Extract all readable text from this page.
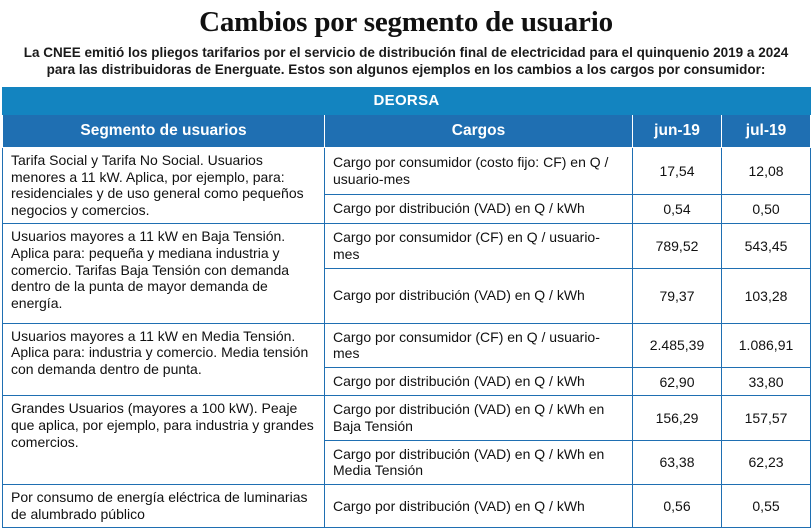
Cambios por segmento de usuario
La CNEE emitió los pliegos tarifarios por el servicio de distribución final de electricidad para el quinquenio 2019 a 2024 para las distribuidoras de Energuate. Estos son algunos ejemplos en los cambios a los cargos por consumidor:
DEORSA			
Segmento de usuarios	Cargos	jun-19	jul-19
Tarifa Social y Tarifa No Social. Usuarios menores a 11 kW. Aplica, por ejemplo, para: residenciales y de uso general como pequeños negocios y comercios.	Cargo por consumidor (costo fijo: CF) en Q / usuario-mes	17,54	12,08
	Cargo por distribución (VAD) en Q / kWh	0,54	0,50
Usuarios mayores a 11 kW en Baja Tensión. Aplica para: pequeña y mediana industria y comercio. Tarifas Baja Tensión con demanda dentro de la punta de mayor demanda de energía.	Cargo por consumidor (CF) en Q / usuario-mes	789,52	543,45
	Cargo por distribución (VAD) en Q / kWh	79,37	103,28
Usuarios mayores a 11 kW en Media Tensión. Aplica para: industria y comercio. Media tensión con demanda dentro de punta.	Cargo por consumidor (CF) en Q / usuario-mes	2.485,39	1.086,91
	Cargo por distribución (VAD) en Q / kWh	62,90	33,80
Grandes Usuarios (mayores a 100 kW). Peaje que aplica, por ejemplo, para industria y grandes comercios.	Cargo por distribución (VAD) en Q / kWh en Baja Tensión	156,29	157,57
	Cargo por distribución (VAD) en Q / kWh en Media Tensión	63,38	62,23
Por consumo de energía eléctrica de luminarias de alumbrado público	Cargo por distribución (VAD) en Q / kWh	0,56	0,55
